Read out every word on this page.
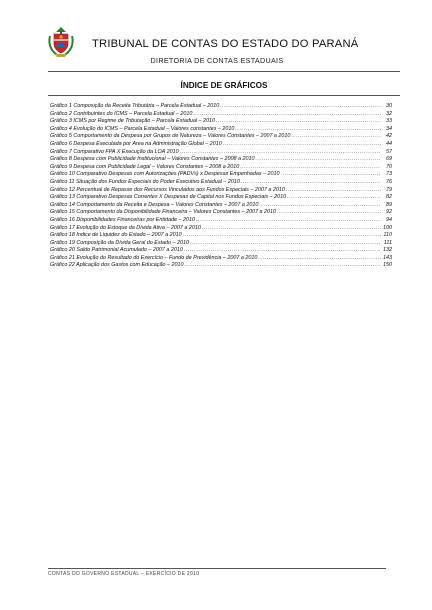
TRIBUNAL DE CONTAS DO ESTADO DO PARANÁ
DIRETORIA DE CONTAS ESTADUAIS
ÍNDICE DE GRÁFICOS
Gráfico 1 Composição da Receita Tributária – Parcela Estadual – 2010 .....	30
Gráfico 2 Contribuintes do ICMS – Parcela Estadual – 2010 .....	32
Gráfico 3 ICMS por Regime de Tributação – Parcela Estadual – 2010 .....	33
Gráfico 4 Evolução do ICMS – Parcela Estadual – Valores constantes – 2010 .....	34
Gráfico 5 Comportamento da Despesa por Grupos de Natureza – Valores Constantes – 2007 a 2010 .....	42
Gráfico 6 Despesa Executada por Área na Administração Global – 2010 .....	44
Gráfico 7 Comparativo FPA X Execução da LOA 2010 .....	57
Gráfico 8 Despesa com Publicidade Institucional – Valores Constantes – 2008 a 2010 .....	69
Gráfico 9 Despesa com Publicidade Legal – Valores Constantes – 2008 a 2010 .....	70
Gráfico 10 Comparativo Despesas com Autorizações (PADVs) x Despesas Empenhadas – 2010 .....	73
Gráfico 11 Situação dos Fundos Especiais do Poder Executivo Estadual – 2010 .....	76
Gráfico 12 Percentual de Repasse dos Recursos Vinculados aos Fundos Especiais – 2007 a 2010 .....	79
Gráfico 13 Comparativo Despesas Correntes X Despesas de Capital nos Fundos Especiais – 2010 .....	82
Gráfico 14 Comportamento da Receita e Despesa – Valores Constantes – 2007 a 2010 .....	89
Gráfico 15 Comportamento da Disponibilidade Financeira – Valores Constantes – 2007 a 2010 .....	92
Gráfico 16 Disponibilidades Financeiras por Entidade – 2010 .....	94
Gráfico 17 Evolução do Estoque da Dívida Ativa – 2007 a 2010 .....	100
Gráfico 18 Índice de Liquidez do Estado – 2007 a 2010 .....	110
Gráfico 19 Composição da Dívida Geral do Estado – 2010 .....	111
Gráfico 20 Saldo Patrimonial Acumulado – 2007 a 2010 .....	132
Gráfico 21 Evolução do Resultado do Exercício – Fundo de Previdência – 2007 a 2010 .....	143
Gráfico 22 Aplicação dos Gastos com Educação – 2010 .....	150
CONTAS DO GOVERNO ESTADUAL – EXERCÍCIO DE 2010
